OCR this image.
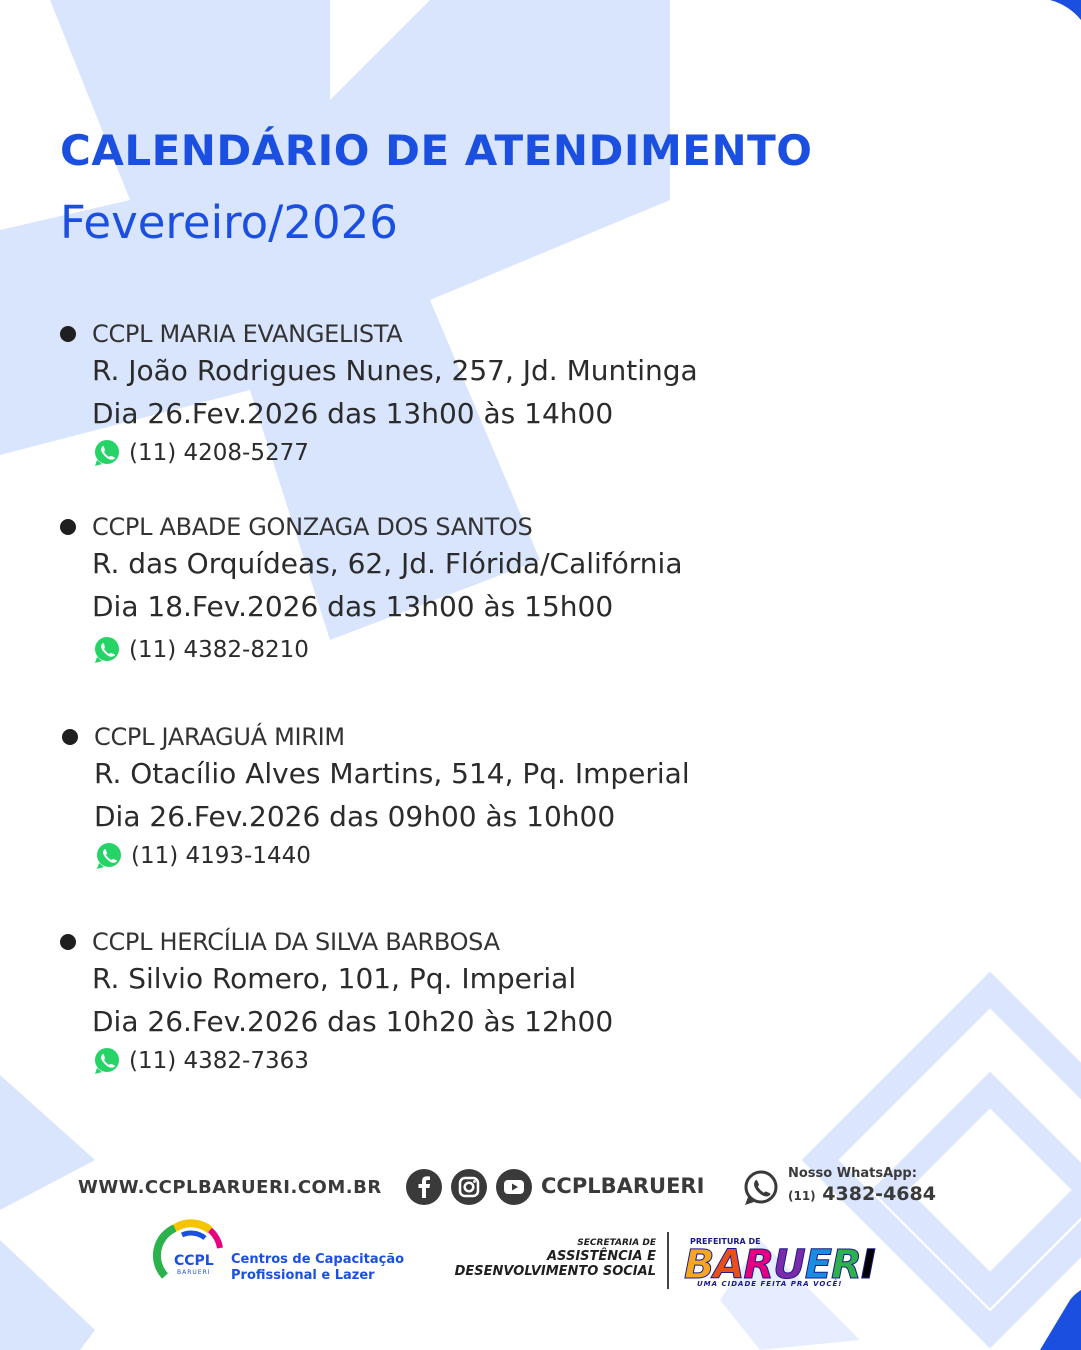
CALENDÁRIO DE ATENDIMENTO
Fevereiro/2026
CCPL MARIA EVANGELISTA
R. João Rodrigues Nunes, 257, Jd. Muntinga
Dia 26.Fev.2026 das 13h00 às 14h00
(11) 4208-5277
CCPL ABADE GONZAGA DOS SANTOS
R. das Orquídeas, 62, Jd. Flórida/Califórnia
Dia 18.Fev.2026 das 13h00 às 15h00
(11) 4382-8210
CCPL JARAGUÁ MIRIM
R. Otacílio Alves Martins, 514, Pq. Imperial
Dia 26.Fev.2026 das 09h00 às 10h00
(11) 4193-1440
CCPL HERCÍLIA DA SILVA BARBOSA
R. Silvio Romero, 101, Pq. Imperial
Dia 26.Fev.2026 das 10h20 às 12h00
(11) 4382-7363
WWW.CCPLBARUERI.COM.BR	CCPLBARUERI
Nosso WhatsApp:
(11) 4382-4684
CCPL
BARUERI
Centros de Capacitação
Profissional e Lazer
SECRETARIA DE
ASSISTÊNCIA E
DESENVOLVIMENTO SOCIAL
PREFEITURA DE
BARUERI
UMA CIDADE FEITA PRA VOCÊ!
